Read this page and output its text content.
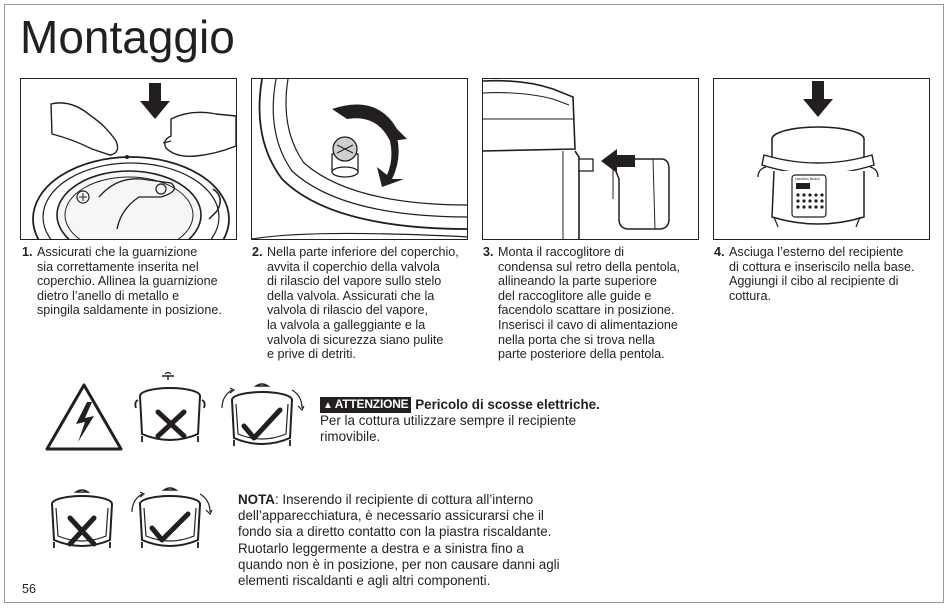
Montaggio
Hamilton Beach
1. Assicurati che la guarnizione
sia correttamente inserita nel
coperchio. Allinea la guarnizione
dietro l’anello di metallo e
spingila saldamente in posizione.
2. Nella parte inferiore del coperchio,
avvita il coperchio della valvola
di rilascio del vapore sullo stelo
della valvola. Assicurati che la
valvola di rilascio del vapore,
la valvola a galleggiante e la
valvola di sicurezza siano pulite
e prive di detriti.
3. Monta il raccoglitore di
condensa sul retro della pentola,
allineando la parte superiore
del raccoglitore alle guide e
facendolo scattare in posizione.
Inserisci il cavo di alimentazione
nella porta che si trova nella
parte posteriore della pentola.
4. Asciuga l’esterno del recipiente
di cottura e inseriscilo nella base.
Aggiungi il cibo al recipiente di
cottura.
▲ ATTENZIONE Pericolo di scosse elettriche.
Per la cottura utilizzare sempre il recipiente
rimovibile.
NOTA: Inserendo il recipiente di cottura all’interno
dell’apparecchiatura, è necessario assicurarsi che il
fondo sia a diretto contatto con la piastra riscaldante.
Ruotarlo leggermente a destra e a sinistra fino a
quando non è in posizione, per non causare danni agli
elementi riscaldanti e agli altri componenti.
56
